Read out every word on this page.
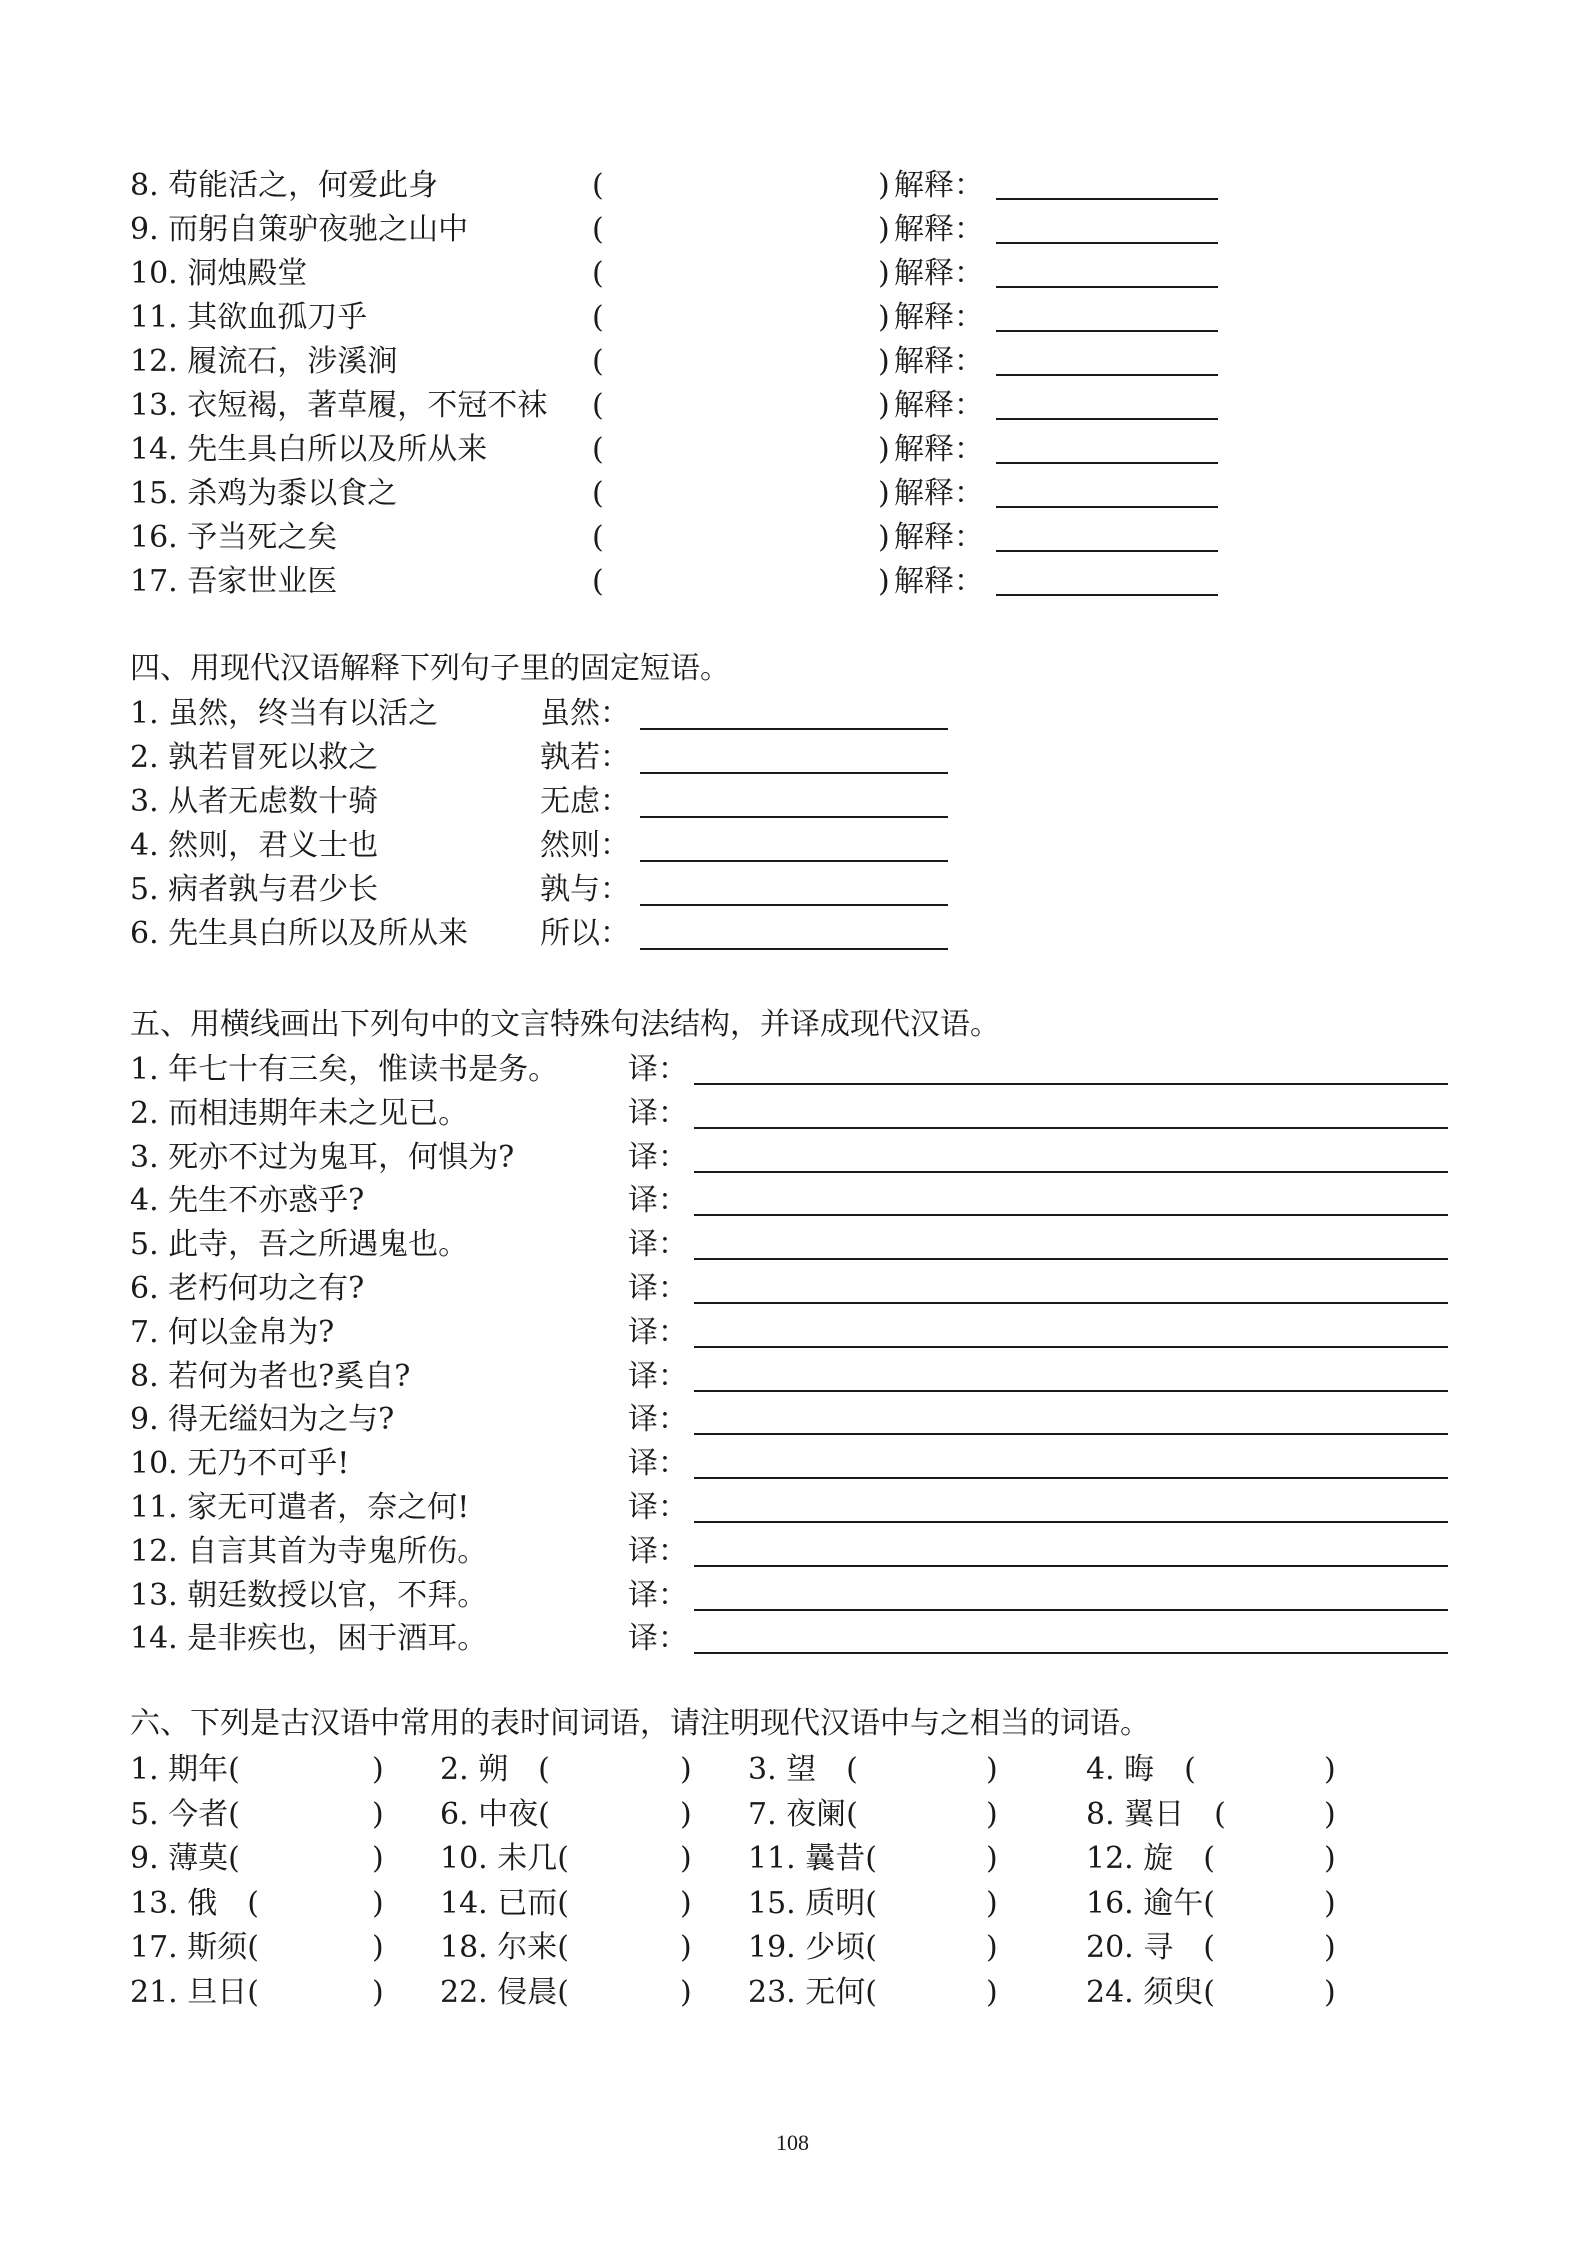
8. 苟能活之，何爱此身	(	) 解释：
9. 而躬自策驴夜驰之山中	(	) 解释：
10. 洞烛殿堂	(	) 解释：
11. 其欲血孤刀乎	(	) 解释：
12. 履流石，涉溪涧	(	) 解释：
13. 衣短褐，著草履，不冠不袜 (	) 解释：
14. 先生具白所以及所从来	(	) 解释：
15. 杀鸡为黍以食之	(	) 解释：
16. 予当死之矣	(	) 解释：
17. 吾家世业医	(	) 解释：
四、用现代汉语解释下列句子里的固定短语。
1. 虽然，终当有以活之	虽然：
2. 孰若冒死以救之	孰若：
3. 从者无虑数十骑	无虑：
4. 然则，君义士也	然则：
5. 病者孰与君少长	孰与：
6. 先生具白所以及所从来 所以：
五、用横线画出下列句中的文言特殊句法结构，并译成现代汉语。
1. 年七十有三矣，惟读书是务。 译：
2. 而相违期年未之见已。	译：
3. 死亦不过为鬼耳，何惧为?	译：
4. 先生不亦惑乎?	译：
5. 此寺，吾之所遇鬼也。	译：
6. 老朽何功之有?	译：
7. 何以金帛为?	译：
8. 若何为者也?奚自?	译：
9. 得无缢妇为之与?	译：
10. 无乃不可乎!	译：
11. 家无可遣者，奈之何!	译：
12. 自言其首为寺鬼所伤。	译：
13. 朝廷数授以官，不拜。	译：
14. 是非疾也，困于酒耳。	译：
六、下列是古汉语中常用的表时间词语，请注明现代汉语中与之相当的词语。
1. 期年(	) 2. 朔　(	) 3. 望　(	)	4. 晦　(	)
5. 今者(	) 6. 中夜(	) 7. 夜阑(	)	8. 翼日　(	)
9. 薄莫(	) 10. 未几(	) 11. 曩昔(	)	12. 旋　(	)
13. 俄　(	) 14. 已而(	) 15. 质明(	)	16. 逾午(	)
17. 斯须(	) 18. 尔来(	) 19. 少顷(	)	20. 寻　(	)
21. 旦日(	) 22. 侵晨(	) 23. 无何(	)	24. 须臾(	)
108
